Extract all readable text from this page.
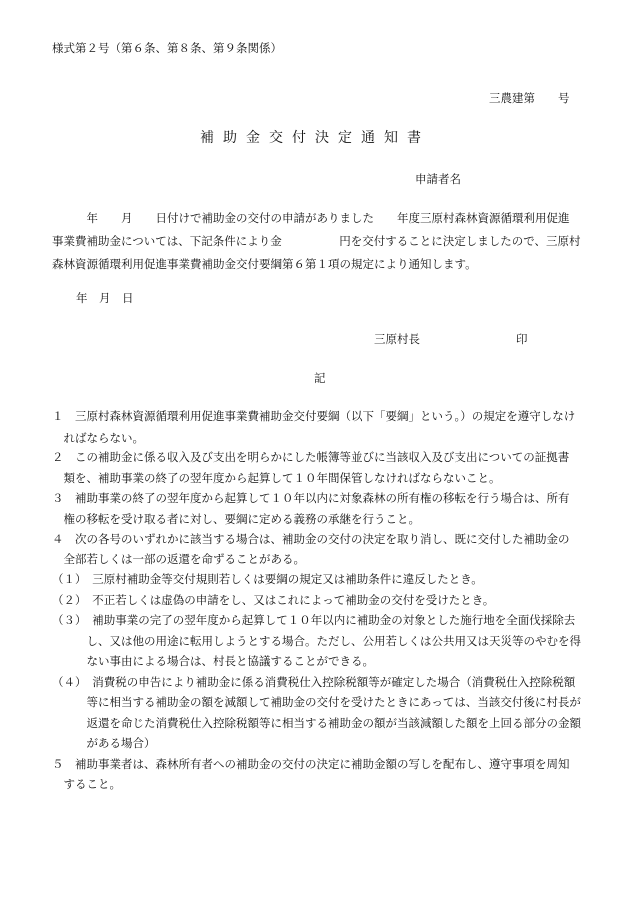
様式第２号（第６条、第８条、第９条関係）
三農建第　　号
補助金交付決定通知書
申請者名
　　　年　　月　　日付けで補助金の交付の申請がありました　　年度三原村森林資源循環利用促進
事業費補助金については、下記条件により金　　　　　円を交付することに決定しましたので、三原村
森林資源循環利用促進事業費補助金交付要綱第６第１項の規定により通知します。
年　月　日
三原村長	印
記
１　三原村森林資源循環利用促進事業費補助金交付要綱（以下「要綱」という。）の規定を遵守しなけ
　ればならない。
２　この補助金に係る収入及び支出を明らかにした帳簿等並びに当該収入及び支出についての証拠書
　類を、補助事業の終了の翌年度から起算して１０年間保管しなければならないこと。
３　補助事業の終了の翌年度から起算して１０年以内に対象森林の所有権の移転を行う場合は、所有
　権の移転を受け取る者に対し、要綱に定める義務の承継を行うこと。
４　次の各号のいずれかに該当する場合は、補助金の交付の決定を取り消し、既に交付した補助金の
　全部若しくは一部の返還を命ずることがある。
（１）　三原村補助金等交付規則若しくは要綱の規定又は補助条件に違反したとき。
（２）　不正若しくは虚偽の申請をし、又はこれによって補助金の交付を受けたとき。
（３）　補助事業の完了の翌年度から起算して１０年以内に補助金の対象とした施行地を全面伐採除去
　　　し、又は他の用途に転用しようとする場合。ただし、公用若しくは公共用又は天災等のやむを得
　　　ない事由による場合は、村長と協議することができる。
（４）　消費税の申告により補助金に係る消費税仕入控除税額等が確定した場合（消費税仕入控除税額
　　　等に相当する補助金の額を減額して補助金の交付を受けたときにあっては、当該交付後に村長が
　　　返還を命じた消費税仕入控除税額等に相当する補助金の額が当該減額した額を上回る部分の金額
　　　がある場合）
５　補助事業者は、森林所有者への補助金の交付の決定に補助金額の写しを配布し、遵守事項を周知
　すること。
